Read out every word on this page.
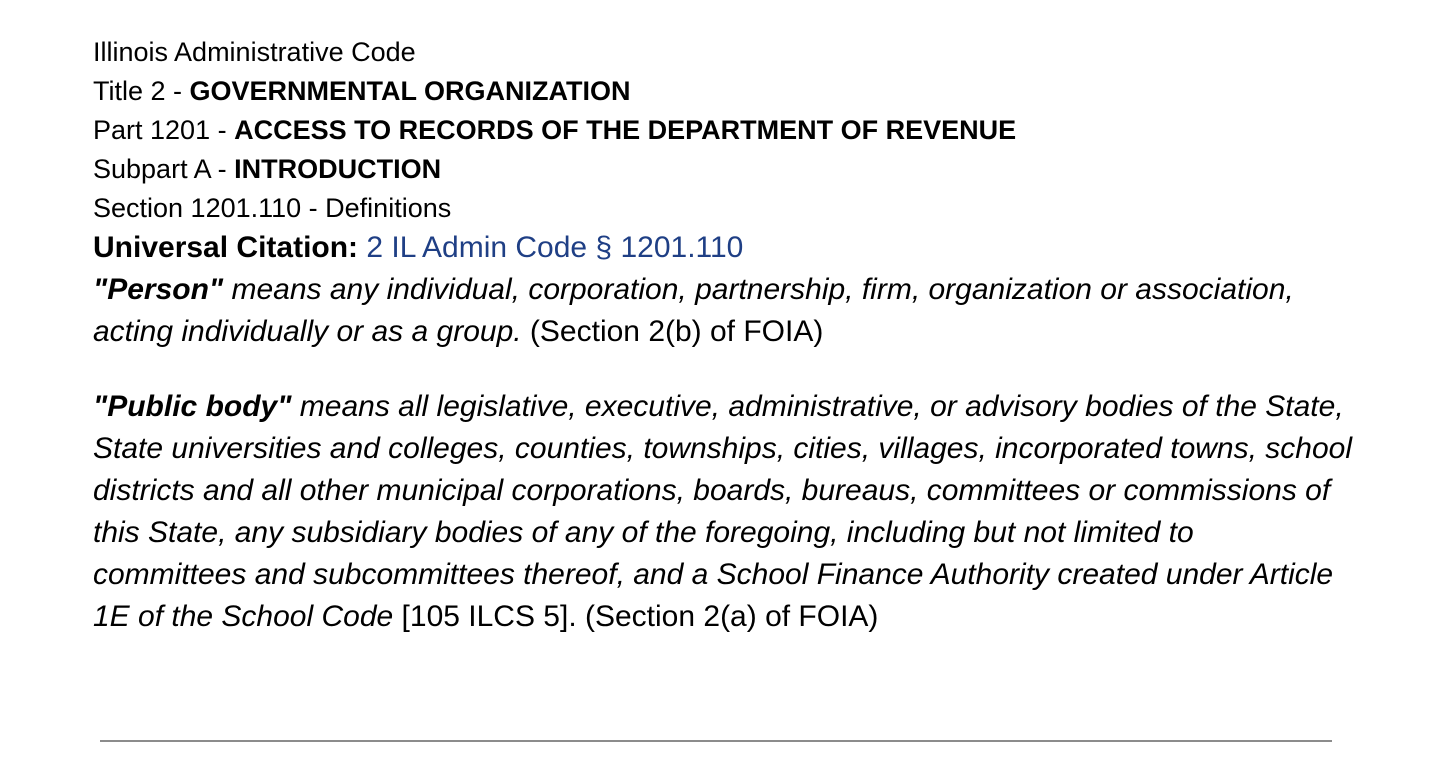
Illinois Administrative Code
Title 2 - GOVERNMENTAL ORGANIZATION
Part 1201 - ACCESS TO RECORDS OF THE DEPARTMENT OF REVENUE
Subpart A - INTRODUCTION
Section 1201.110 - Definitions
Universal Citation: 2 IL Admin Code § 1201.110
"Person" means any individual, corporation, partnership, firm, organization or association, acting individually or as a group. (Section 2(b) of FOIA)
"Public body" means all legislative, executive, administrative, or advisory bodies of the State, State universities and colleges, counties, townships, cities, villages, incorporated towns, school districts and all other municipal corporations, boards, bureaus, committees or commissions of this State, any subsidiary bodies of any of the foregoing, including but not limited to committees and subcommittees thereof, and a School Finance Authority created under Article 1E of the School Code [105 ILCS 5]. (Section 2(a) of FOIA)
